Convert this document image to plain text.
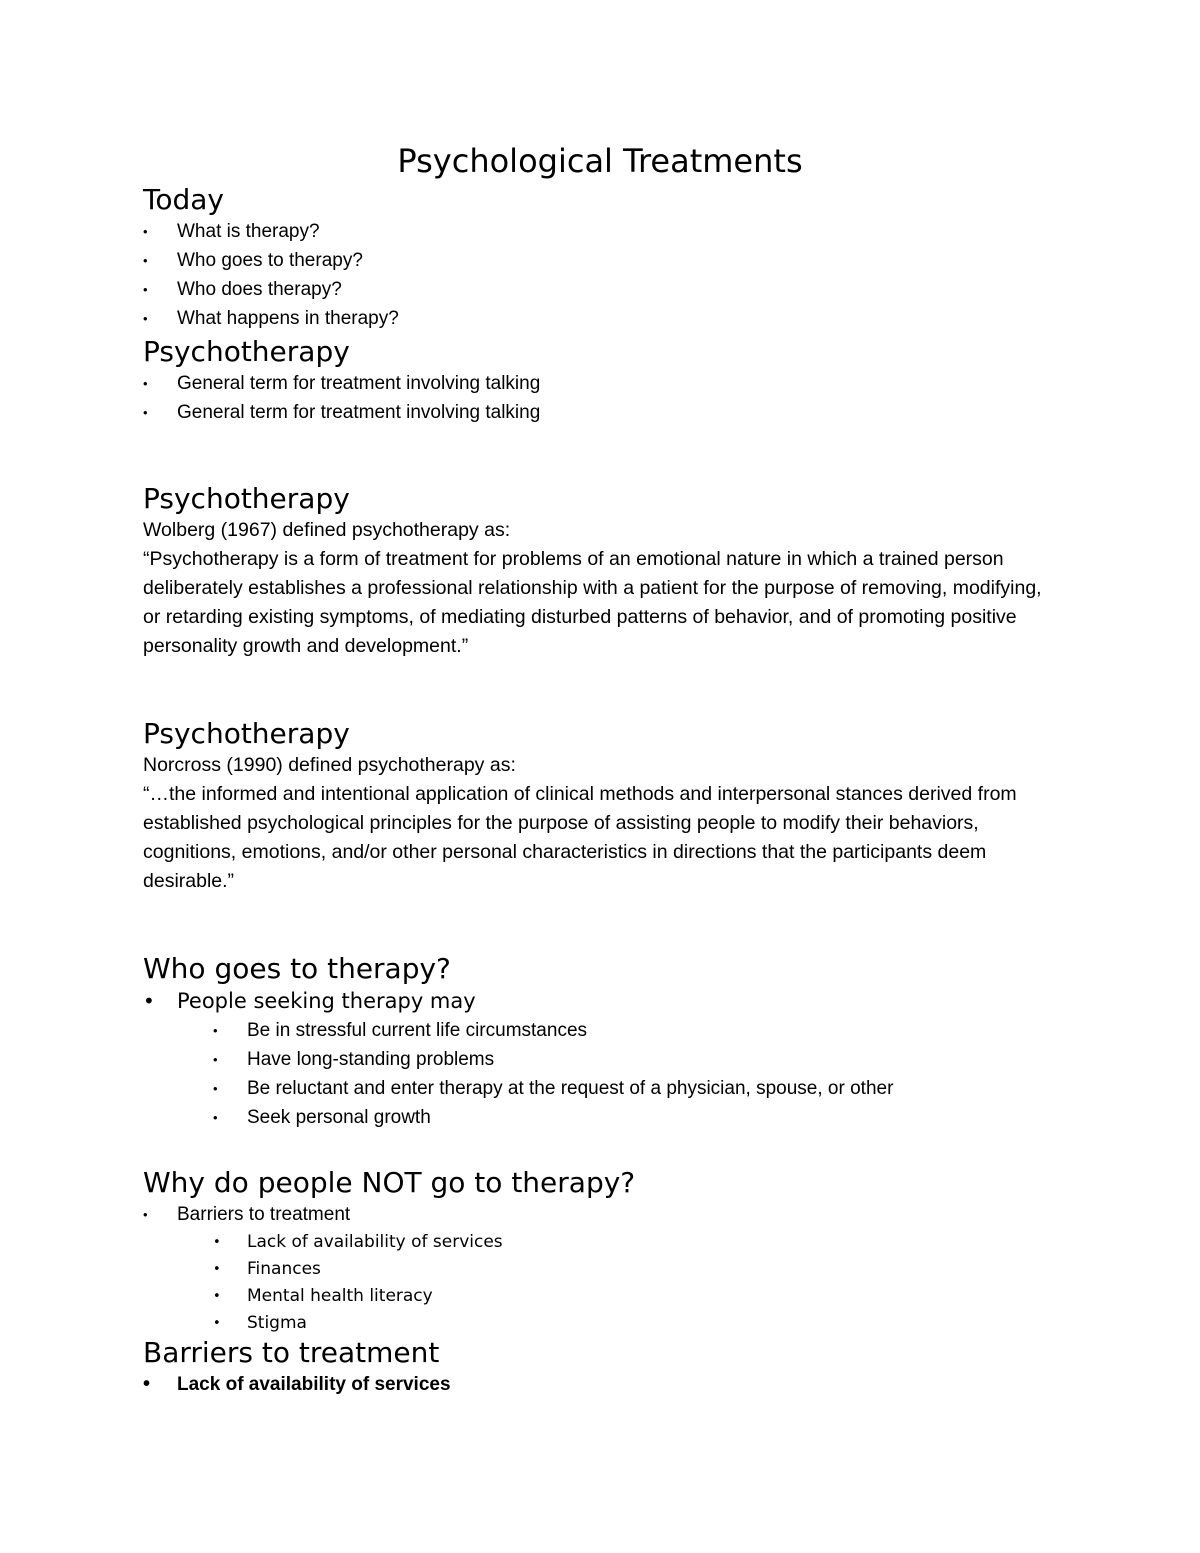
Psychological Treatments
Today
• What is therapy?
• Who goes to therapy?
• Who does therapy?
• What happens in therapy?
Psychotherapy
• General term for treatment involving talking
• General term for treatment involving talking
Psychotherapy

Wolberg (1967) defined psychotherapy as:

“Psychotherapy is a form of treatment for problems of an emotional nature in which a trained person deliberately establishes a professional relationship with a patient for the purpose of removing, modifying, or retarding existing symptoms, of mediating disturbed patterns of behavior, and of promoting positive personality growth and development.”

Psychotherapy

Norcross (1990) defined psychotherapy as:

“…the informed and intentional application of clinical methods and interpersonal stances derived from established psychological principles for the purpose of assisting people to modify their behaviors, cognitions, emotions, and/or other personal characteristics in directions that the participants deem desirable.”

Who goes to therapy?
• People seeking therapy may
• Be in stressful current life circumstances
• Have long-standing problems
• Be reluctant and enter therapy at the request of a physician, spouse, or other
• Seek personal growth
Why do people NOT go to therapy?
• Barriers to treatment
• Lack of availability of services
• Finances
• Mental health literacy
• Stigma
Barriers to treatment
• Lack of availability of services
